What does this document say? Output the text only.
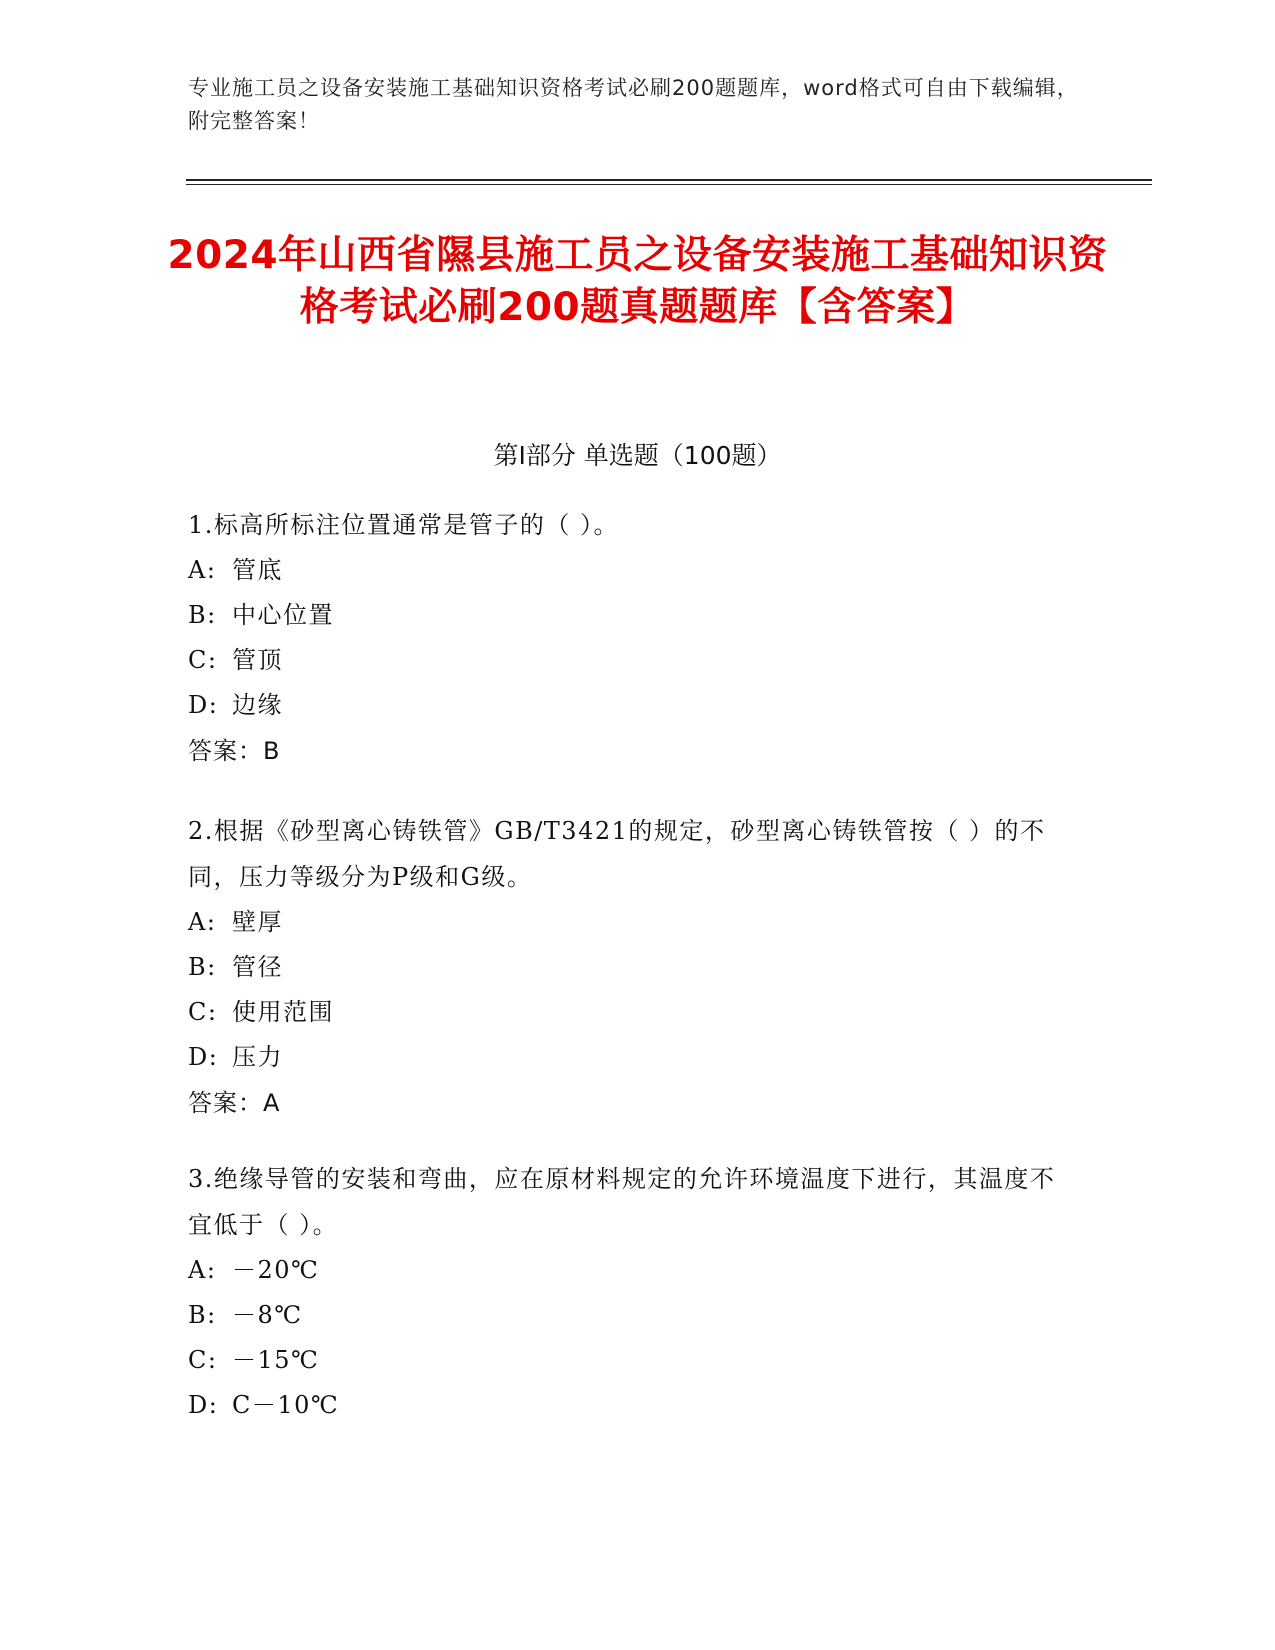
专业施工员之设备安装施工基础知识资格考试必刷200题题库，word格式可自由下载编辑，附完整答案！
2024年山西省隰县施工员之设备安装施工基础知识资格考试必刷200题真题题库【含答案】
第Ⅰ部分 单选题（100题）
1.标高所标注位置通常是管子的（ ）。
A: 管底
B: 中心位置
C: 管顶
D: 边缘
答案：B
2.根据《砂型离心铸铁管》GB/T3421的规定，砂型离心铸铁管按（ ）的不同，压力等级分为P级和G级。
A: 壁厚
B: 管径
C: 使用范围
D: 压力
答案：A
3.绝缘导管的安装和弯曲，应在原材料规定的允许环境温度下进行，其温度不宜低于（ ）。
A: －20℃
B: －8℃
C: －15℃
D: C－10℃
